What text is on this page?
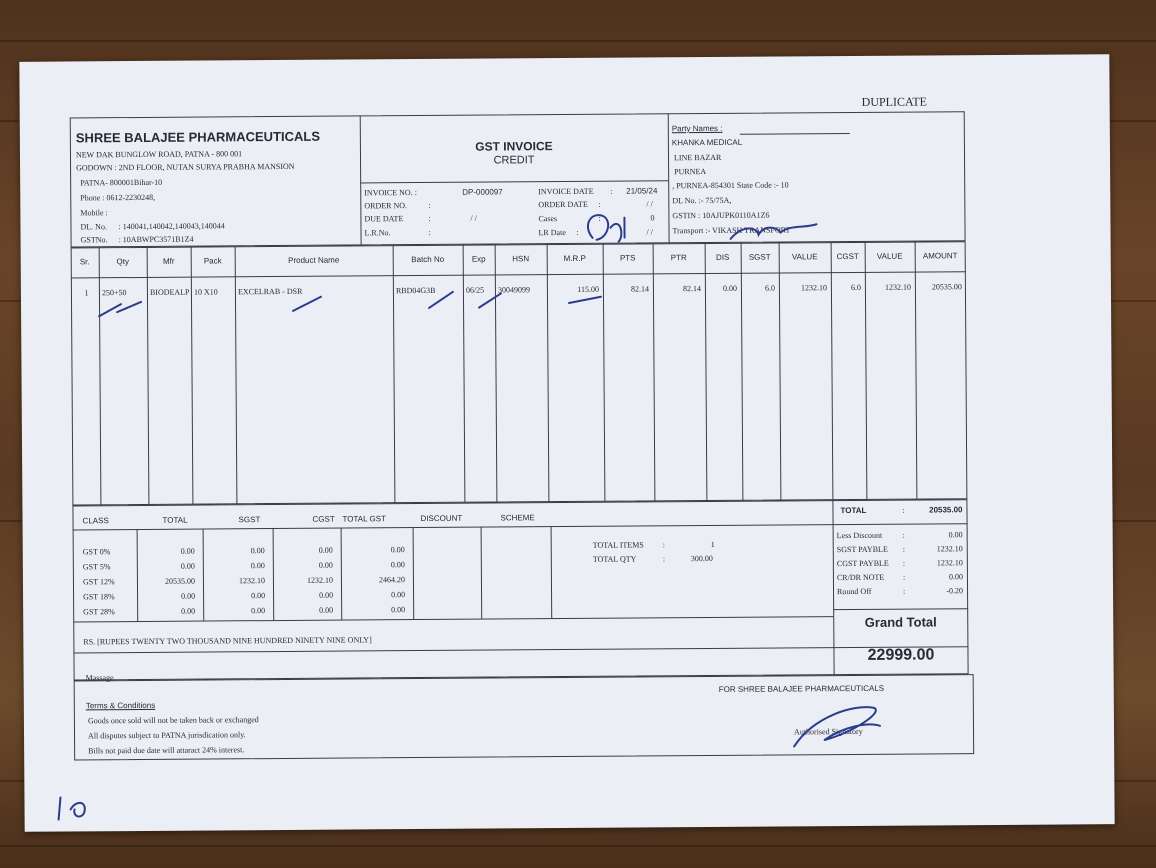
DUPLICATE
SHREE BALAJEE PHARMACEUTICALS
NEW DAK BUNGLOW ROAD, PATNA - 800 001
GODOWN : 2ND FLOOR, NUTAN SURYA PRABHA MANSION
PATNA- 800001Bihar-10
Phone : 0612-2230248,
Mobile :
DL. No. : 140041,140042,140043,140044
GSTNo. : 10ABWPC3571B1Z4
GST INVOICE
CREDIT
INVOICE NO. :	DP-000097
ORDER NO.	:
DUE DATE	:	/ /
L.R.No.	:
INVOICE DATE : 21/05/24
ORDER DATE :	/ /
Cases	:	0
LR Date :	/ /
Party Names :
KHANKA MEDICAL
LINE BAZAR
PURNEA
, PURNEA-854301 State Code :- 10
DL No. :- 75/75A,
GSTIN : 10AJUPK0110A1Z6
Transport :- VIKASH TRANSPORT
Sr.	Qty	Mfr	Pack	Product Name	Batch No	Exp	HSN	M.R.P	PTS	PTR	DIS	SGST	VALUE	CGST	VALUE	AMOUNT
1	250+50	BIODEALP 10 X10	EXCELRAB - DSR	RBD04G3B	06/25	30049099	115.00	82.14	82.14	0.00	6.0	1232.10	6.0	1232.10	20535.00
CLASS	TOTAL	SGST	CGST TOTAL GST	DISCOUNT	SCHEME
GST 0%	0.00	0.00	0.00	0.00
GST 5%	0.00	0.00	0.00	0.00
GST 12%	20535.00	1232.10	1232.10	2464.20
GST 18%	0.00	0.00	0.00	0.00
GST 28%	0.00	0.00	0.00	0.00
TOTAL ITEMS :	1
TOTAL QTY	:	300.00
TOTAL	:	20535.00
Less Discount	:	0.00
SGST PAYBLE :	1232.10
CGST PAYBLE :	1232.10
CR/DR NOTE :	0.00
Round Off	:	-0.20
RS. [RUPEES TWENTY TWO THOUSAND NINE HUNDRED NINETY NINE ONLY]
Grand Total
22999.00
Massage
Terms & Conditions
Goods once sold will not be taken back or exchanged
All disputes subject to PATNA jurisdication only.
Bills not paid due date will attaract 24% interest.
FOR SHREE BALAJEE PHARMACEUTICALS
Authorised Signatory
